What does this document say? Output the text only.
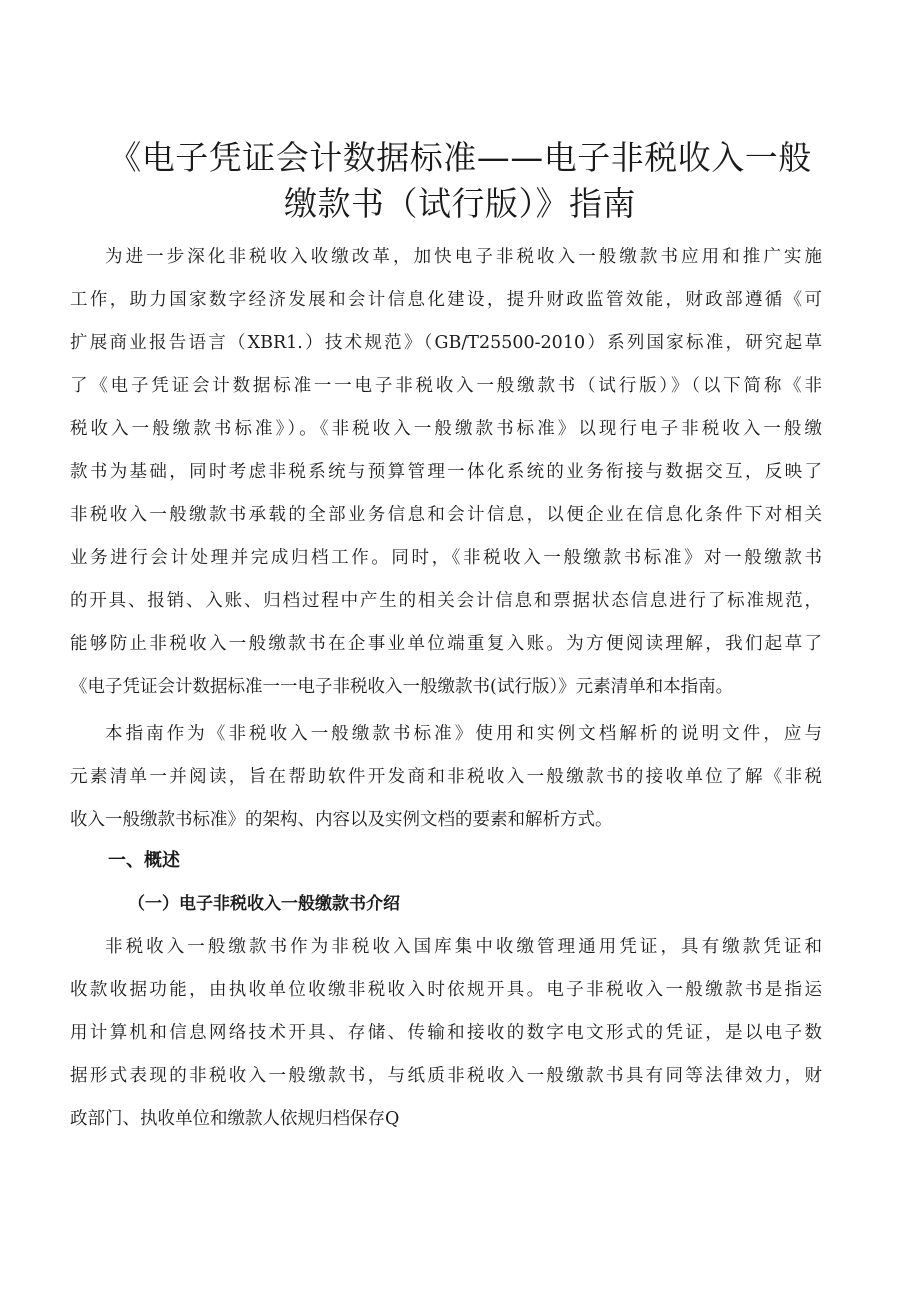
《电子凭证会计数据标准——电子非税收入一般
缴款书（试行版）》指南

为进一步深化非税收入收缴改革，加快电子非税收入一般缴款书应用和推广实施

工作，助力国家数字经济发展和会计信息化建设，提升财政监管效能，财政部遵循《可

扩展商业报告语言（XBR1.）技术规范》（GB/T25500-2010）系列国家标准，研究起草

了《电子凭证会计数据标准一一电子非税收入一般缴款书（试行版）》（以下简称《非

税收入一般缴款书标准》）。《非税收入一般缴款书标准》以现行电子非税收入一般缴

款书为基础，同时考虑非税系统与预算管理一体化系统的业务衔接与数据交互，反映了

非税收入一般缴款书承载的全部业务信息和会计信息，以便企业在信息化条件下对相关

业务进行会计处理并完成归档工作。同时，《非税收入一般缴款书标准》对一般缴款书

的开具、报销、入账、归档过程中产生的相关会计信息和票据状态信息进行了标准规范，

能够防止非税收入一般缴款书在企事业单位端重复入账。为方便阅读理解，我们起草了

《电子凭证会计数据标准一一电子非税收入一般缴款书(试行版）》元素清单和本指南。

本指南作为《非税收入一般缴款书标准》使用和实例文档解析的说明文件，应与

元素清单一并阅读，旨在帮助软件开发商和非税收入一般缴款书的接收单位了解《非税

收入一般缴款书标准》的架构、内容以及实例文档的要素和解析方式。

一、概述
（一）电子非税收入一般缴款书介绍

非税收入一般缴款书作为非税收入国库集中收缴管理通用凭证，具有缴款凭证和

收款收据功能，由执收单位收缴非税收入时依规开具。电子非税收入一般缴款书是指运

用计算机和信息网络技术开具、存储、传输和接收的数字电文形式的凭证，是以电子数

据形式表现的非税收入一般缴款书，与纸质非税收入一般缴款书具有同等法律效力，财

政部门、执收单位和缴款人依规归档保存Q
